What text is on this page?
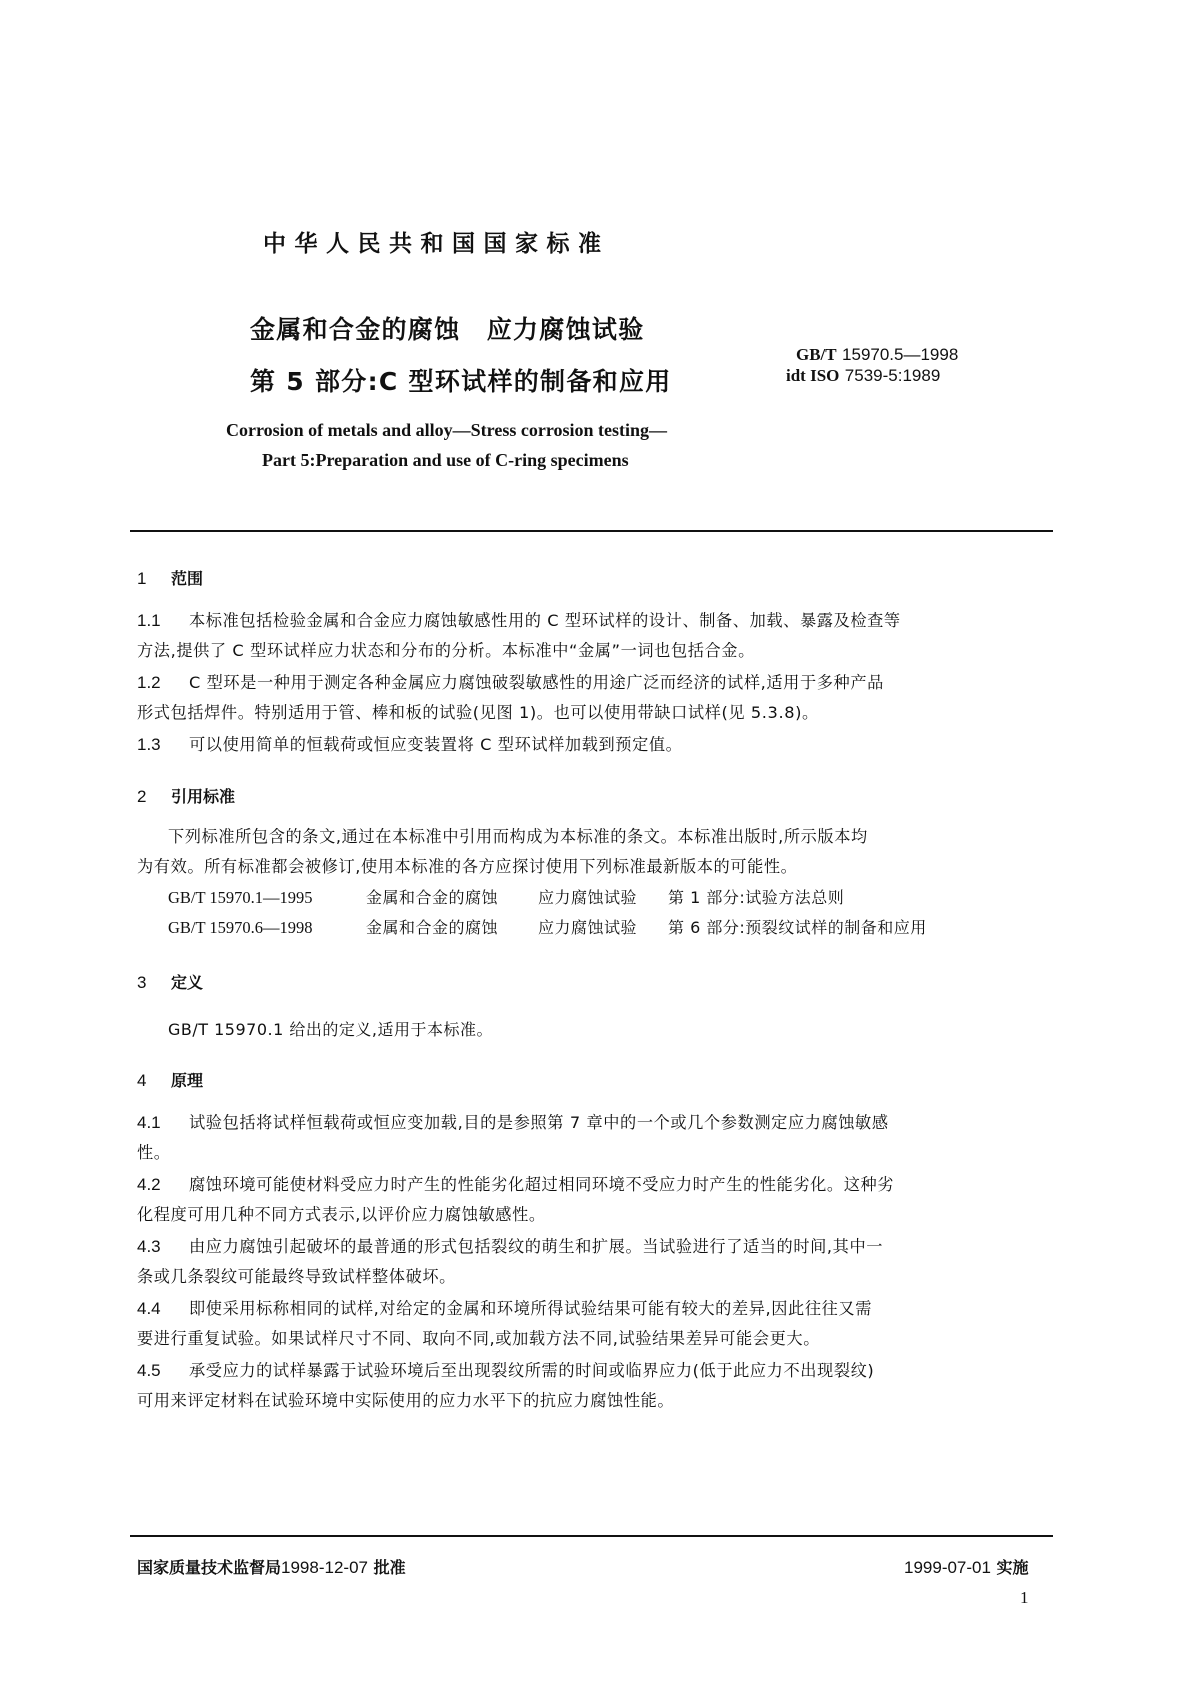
中华人民共和国国家标准
金属和合金的腐蚀　应力腐蚀试验
第 5 部分:C 型环试样的制备和应用
GB/T 15970.5—1998
idt ISO 7539-5:1989
Corrosion of metals and alloy—Stress corrosion testing—
Part 5:Preparation and use of C-ring specimens
1 范围
1.1 本标准包括检验金属和合金应力腐蚀敏感性用的 C 型环试样的设计、制备、加载、暴露及检查等
方法,提供了 C 型环试样应力状态和分布的分析。本标准中“金属”一词也包括合金。
1.2 C 型环是一种用于测定各种金属应力腐蚀破裂敏感性的用途广泛而经济的试样,适用于多种产品
形式包括焊件。特别适用于管、棒和板的试验(见图 1)。也可以使用带缺口试样(见 5.3.8)。
1.3 可以使用简单的恒载荷或恒应变装置将 C 型环试样加载到预定值。
2 引用标准
下列标准所包含的条文,通过在本标准中引用而构成为本标准的条文。本标准出版时,所示版本均
为有效。所有标准都会被修订,使用本标准的各方应探讨使用下列标准最新版本的可能性。
GB/T 15970.1—1995	金属和合金的腐蚀 应力腐蚀试验 第 1 部分:试验方法总则
GB/T 15970.6—1998	金属和合金的腐蚀 应力腐蚀试验 第 6 部分:预裂纹试样的制备和应用
3 定义
GB/T 15970.1 给出的定义,适用于本标准。
4 原理
4.1 试验包括将试样恒载荷或恒应变加载,目的是参照第 7 章中的一个或几个参数测定应力腐蚀敏感
性。
4.2 腐蚀环境可能使材料受应力时产生的性能劣化超过相同环境不受应力时产生的性能劣化。这种劣
化程度可用几种不同方式表示,以评价应力腐蚀敏感性。
4.3 由应力腐蚀引起破坏的最普通的形式包括裂纹的萌生和扩展。当试验进行了适当的时间,其中一
条或几条裂纹可能最终导致试样整体破坏。
4.4 即使采用标称相同的试样,对给定的金属和环境所得试验结果可能有较大的差异,因此往往又需
要进行重复试验。如果试样尺寸不同、取向不同,或加载方法不同,试验结果差异可能会更大。
4.5 承受应力的试样暴露于试验环境后至出现裂纹所需的时间或临界应力(低于此应力不出现裂纹)
可用来评定材料在试验环境中实际使用的应力水平下的抗应力腐蚀性能。
国家质量技术监督局1998-12-07 批准	1999-07-01 实施
1
